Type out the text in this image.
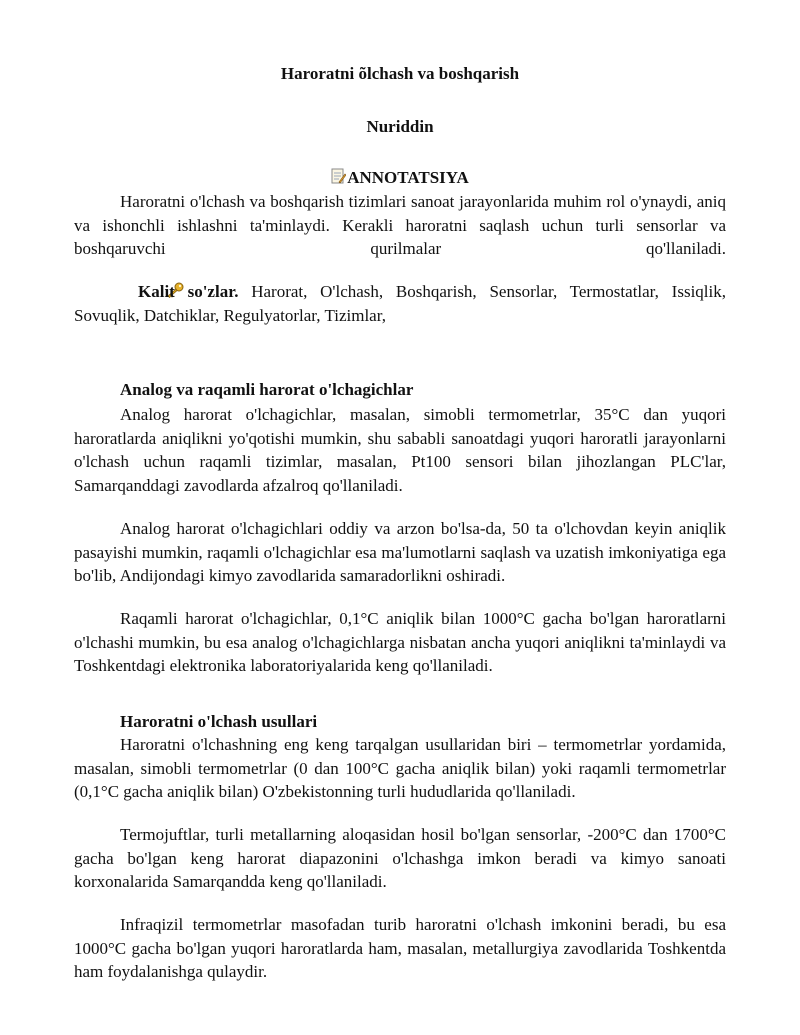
Haroratni õlchash va boshqarish
Nuriddin
ANNOTATSIYA
Haroratni o'lchash va boshqarish tizimlari sanoat jarayonlarida muhim rol o'ynaydi, aniq va ishonchli ishlashni ta'minlaydi. Kerakli haroratni saqlash uchun turli sensorlar va boshqaruvchi qurilmalar qo'llaniladi.
Kalit so'zlar. Harorat, O'lchash, Boshqarish, Sensorlar, Termostatlar, Issiqlik, Sovuqlik, Datchiklar, Regulyatorlar, Tizimlar,
Analog va raqamli harorat o'lchagichlar
Analog harorat o'lchagichlar, masalan, simobli termometrlar, 35°C dan yuqori haroratlarda aniqlikni yo'qotishi mumkin, shu sababli sanoatdagi yuqori haroratli jarayonlarni o'lchash uchun raqamli tizimlar, masalan, Pt100 sensori bilan jihozlangan PLC'lar, Samarqanddagi zavodlarda afzalroq qo'llaniladi.
Analog harorat o'lchagichlari oddiy va arzon bo'lsa-da, 50 ta o'lchovdan keyin aniqlik pasayishi mumkin, raqamli o'lchagichlar esa ma'lumotlarni saqlash va uzatish imkoniyatiga ega bo'lib, Andijondagi kimyo zavodlarida samaradorlikni oshiradi.
Raqamli harorat o'lchagichlar, 0,1°C aniqlik bilan 1000°C gacha bo'lgan haroratlarni o'lchashi mumkin, bu esa analog o'lchagichlarga nisbatan ancha yuqori aniqlikni ta'minlaydi va Toshkentdagi elektronika laboratoriyalarida keng qo'llaniladi.
Haroratni o'lchash usullari
Haroratni o'lchashning eng keng tarqalgan usullaridan biri – termometrlar yordamida, masalan, simobli termometrlar (0 dan 100°C gacha aniqlik bilan) yoki raqamli termometrlar (0,1°C gacha aniqlik bilan) O'zbekistonning turli hududlarida qo'llaniladi.
Termojuftlar, turli metallarning aloqasidan hosil bo'lgan sensorlar, -200°C dan 1700°C gacha bo'lgan keng harorat diapazonini o'lchashga imkon beradi va kimyo sanoati korxonalarida Samarqandda keng qo'llaniladi.
Infraqizil termometrlar masofadan turib haroratni o'lchash imkonini beradi, bu esa 1000°C gacha bo'lgan yuqori haroratlarda ham, masalan, metallurgiya zavodlarida Toshkentda ham foydalanishga qulaydir.
